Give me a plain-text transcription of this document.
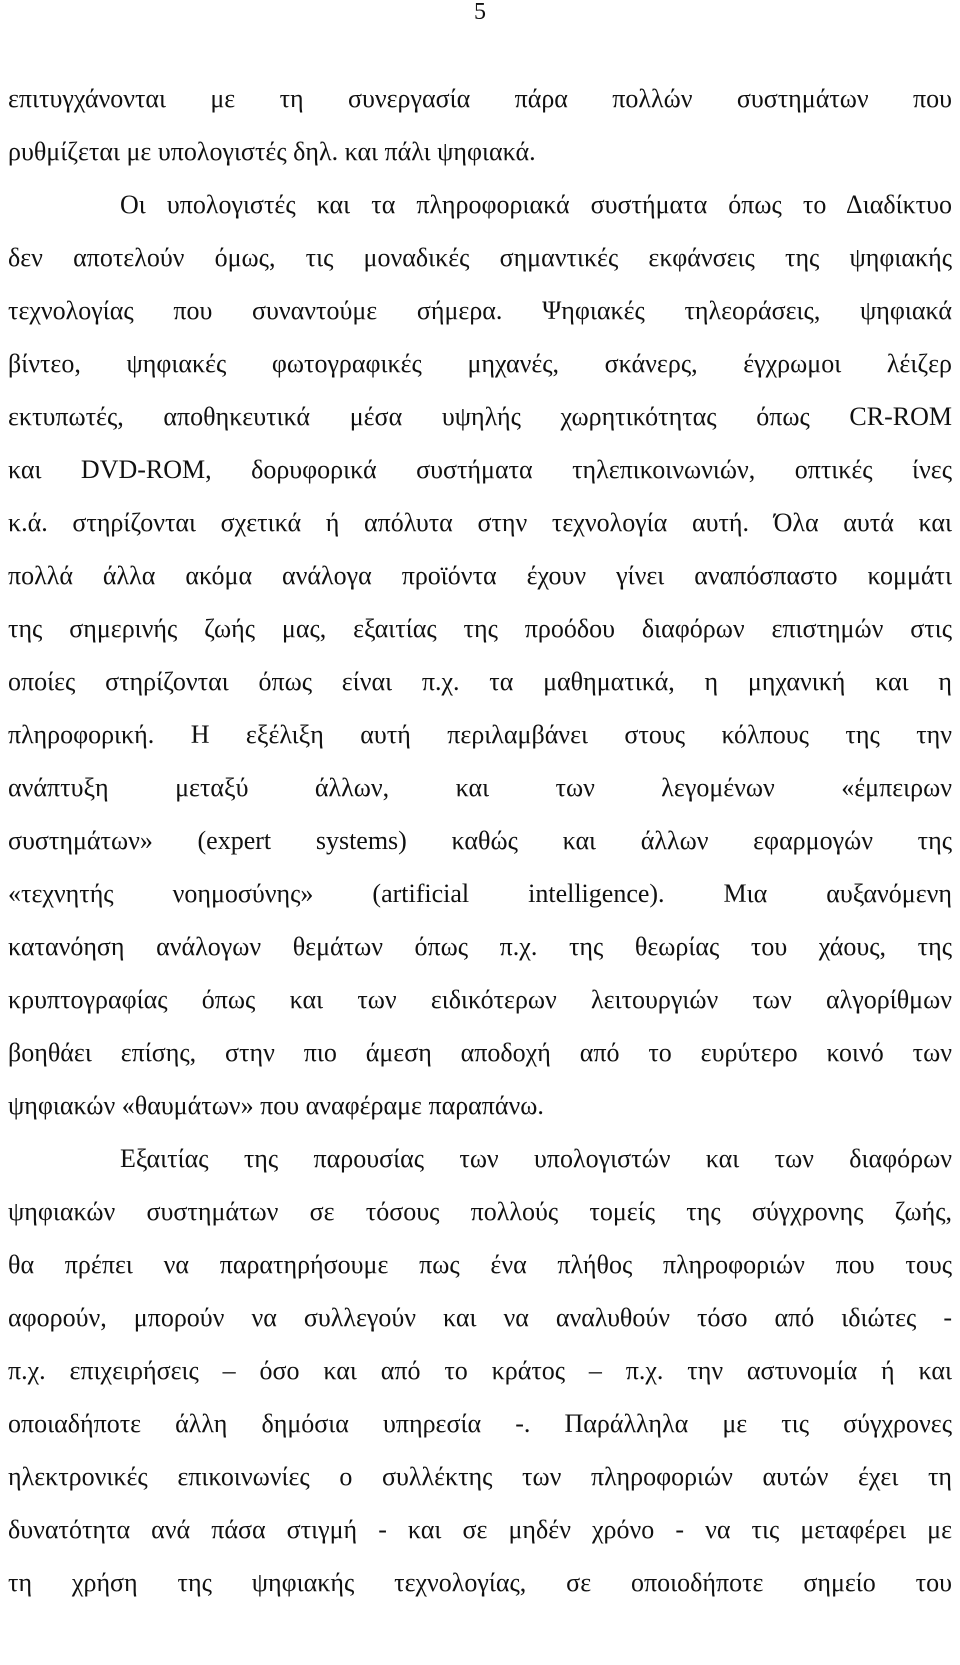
5
επιτυγχάνονται με τη συνεργασία πάρα πολλών συστημάτων που
ρυθμίζεται με υπολογιστές δηλ. και πάλι ψηφιακά.
Οι υπολογιστές και τα πληροφοριακά συστήματα όπως το Διαδίκτυο
δεν αποτελούν όμως, τις μοναδικές σημαντικές εκφάνσεις της ψηφιακής
τεχνολογίας που συναντούμε σήμερα. Ψηφιακές τηλεοράσεις, ψηφιακά
βίντεο, ψηφιακές φωτογραφικές μηχανές, σκάνερς, έγχρωμοι λέιζερ
εκτυπωτές, αποθηκευτικά μέσα υψηλής χωρητικότητας όπως CR-ROM
και DVD-ROM, δορυφορικά συστήματα τηλεπικοινωνιών, οπτικές ίνες
κ.ά. στηρίζονται σχετικά ή απόλυτα στην τεχνολογία αυτή. Όλα αυτά και
πολλά άλλα ακόμα ανάλογα προϊόντα έχουν γίνει αναπόσπαστο κομμάτι
της σημερινής ζωής μας, εξαιτίας της προόδου διαφόρων επιστημών στις
οποίες στηρίζονται όπως είναι π.χ. τα μαθηματικά, η μηχανική και η
πληροφορική. Η εξέλιξη αυτή περιλαμβάνει στους κόλπους της την
ανάπτυξη μεταξύ άλλων, και των λεγομένων «έμπειρων
συστημάτων» (expert systems) καθώς και άλλων εφαρμογών της
«τεχνητής νοημοσύνης» (artificial intelligence). Μια αυξανόμενη
κατανόηση ανάλογων θεμάτων όπως π.χ. της θεωρίας του χάους, της
κρυπτογραφίας όπως και των ειδικότερων λειτουργιών των αλγορίθμων
βοηθάει επίσης, στην πιο άμεση αποδοχή από το ευρύτερο κοινό των
ψηφιακών «θαυμάτων» που αναφέραμε παραπάνω.
Εξαιτίας της παρουσίας των υπολογιστών και των διαφόρων
ψηφιακών συστημάτων σε τόσους πολλούς τομείς της σύγχρονης ζωής,
θα πρέπει να παρατηρήσουμε πως ένα πλήθος πληροφοριών που τους
αφορούν, μπορούν να συλλεγούν και να αναλυθούν τόσο από ιδιώτες -
π.χ. επιχειρήσεις – όσο και από το κράτος – π.χ. την αστυνομία ή και
οποιαδήποτε άλλη δημόσια υπηρεσία -. Παράλληλα με τις σύγχρονες
ηλεκτρονικές επικοινωνίες ο συλλέκτης των πληροφοριών αυτών έχει τη
δυνατότητα ανά πάσα στιγμή - και σε μηδέν χρόνο - να τις μεταφέρει με
τη χρήση της ψηφιακής τεχνολογίας, σε οποιοδήποτε σημείο του
